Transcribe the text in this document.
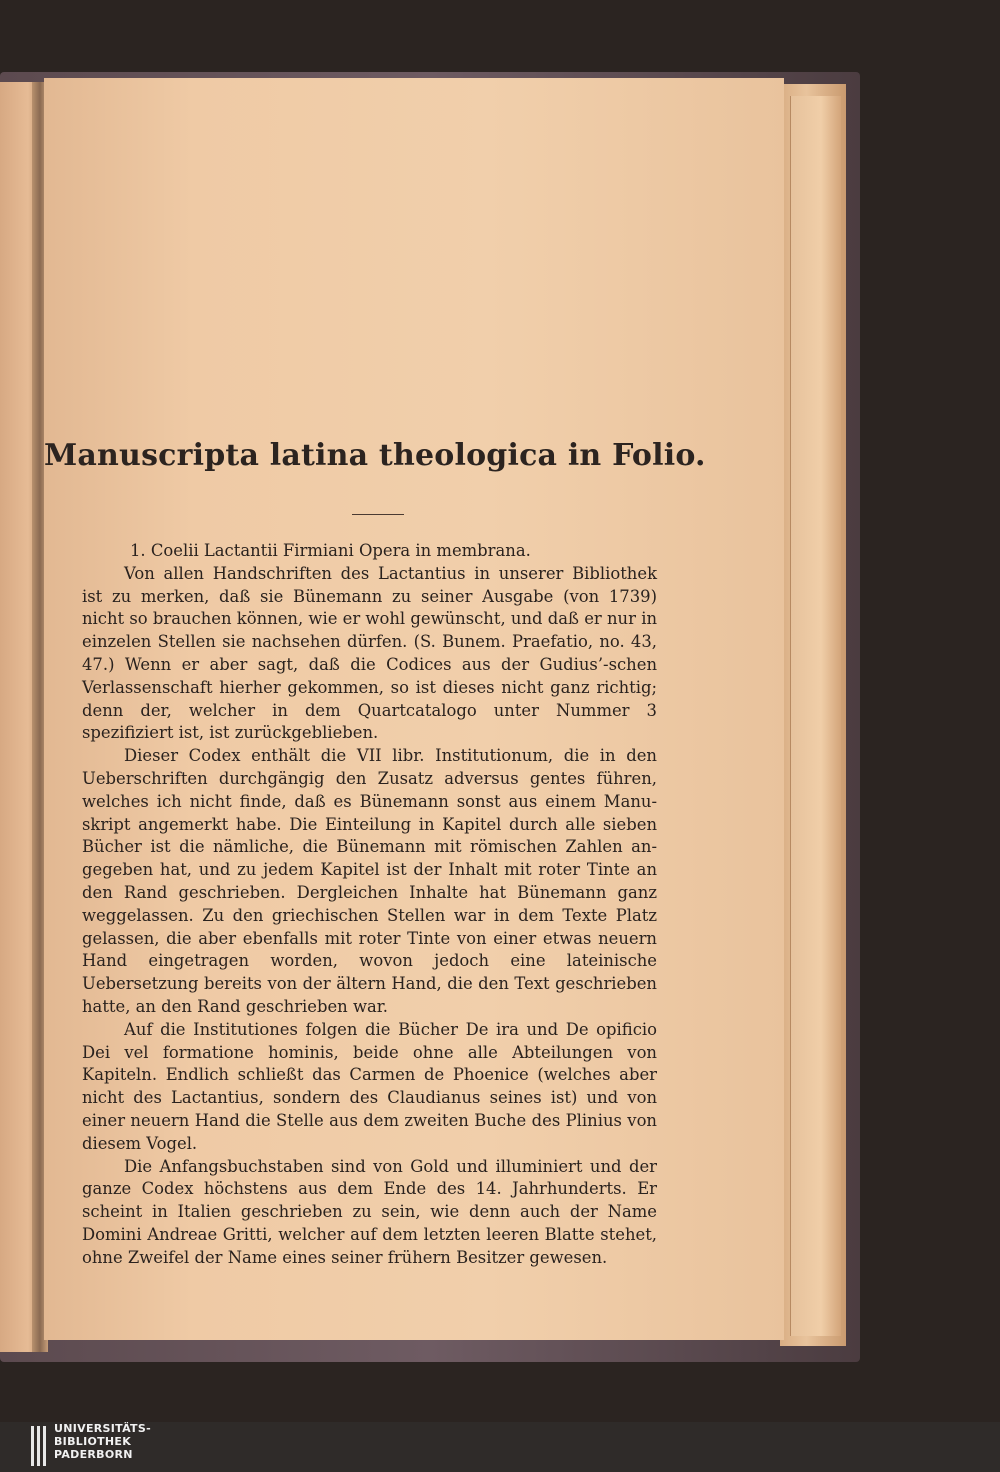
Manuscripta latina theologica in Folio.

1. Coelii Lactantii Firmiani Opera in membrana.

Von allen Handschriften des Lactantius in unserer Bibliothek ist zu merken, daß sie Bünemann zu seiner Ausgabe (von 1739) nicht so brauchen können, wie er wohl gewünscht, und daß er nur in einzelen Stellen sie nachsehen dürfen. (S. Bunem. Praefatio, no. 43, 47.) Wenn er aber sagt, daß die Codices aus der Gudius’-schen Verlassenschaft hierher gekommen, so ist dieses nicht ganz richtig; denn der, welcher in dem Quartcatalogo unter Nummer 3 spezifiziert ist, ist zurückgeblieben.

Dieser Codex enthält die VII libr. Institutionum, die in den Ueberschriften durchgängig den Zusatz adversus gentes führen, welches ich nicht finde, daß es Bünemann sonst aus einem Manu-skript angemerkt habe. Die Einteilung in Kapitel durch alle sieben Bücher ist die nämliche, die Bünemann mit römischen Zahlen an-gegeben hat, und zu jedem Kapitel ist der Inhalt mit roter Tinte an den Rand geschrieben. Dergleichen Inhalte hat Bünemann ganz weggelassen. Zu den griechischen Stellen war in dem Texte Platz gelassen, die aber ebenfalls mit roter Tinte von einer etwas neuern Hand eingetragen worden, wovon jedoch eine lateinische Uebersetzung bereits von der ältern Hand, die den Text geschrieben hatte, an den Rand geschrieben war.

Auf die Institutiones folgen die Bücher De ira und De opificio Dei vel formatione hominis, beide ohne alle Abteilungen von Kapiteln. Endlich schließt das Carmen de Phoenice (welches aber nicht des Lactantius, sondern des Claudianus seines ist) und von einer neuern Hand die Stelle aus dem zweiten Buche des Plinius von diesem Vogel.

Die Anfangsbuchstaben sind von Gold und illuminiert und der ganze Codex höchstens aus dem Ende des 14. Jahrhunderts. Er scheint in Italien geschrieben zu sein, wie denn auch der Name Domini Andreae Gritti, welcher auf dem letzten leeren Blatte stehet, ohne Zweifel der Name eines seiner frühern Besitzer gewesen.

UNIVERSITÄTS-
BIBLIOTHEK
PADERBORN
